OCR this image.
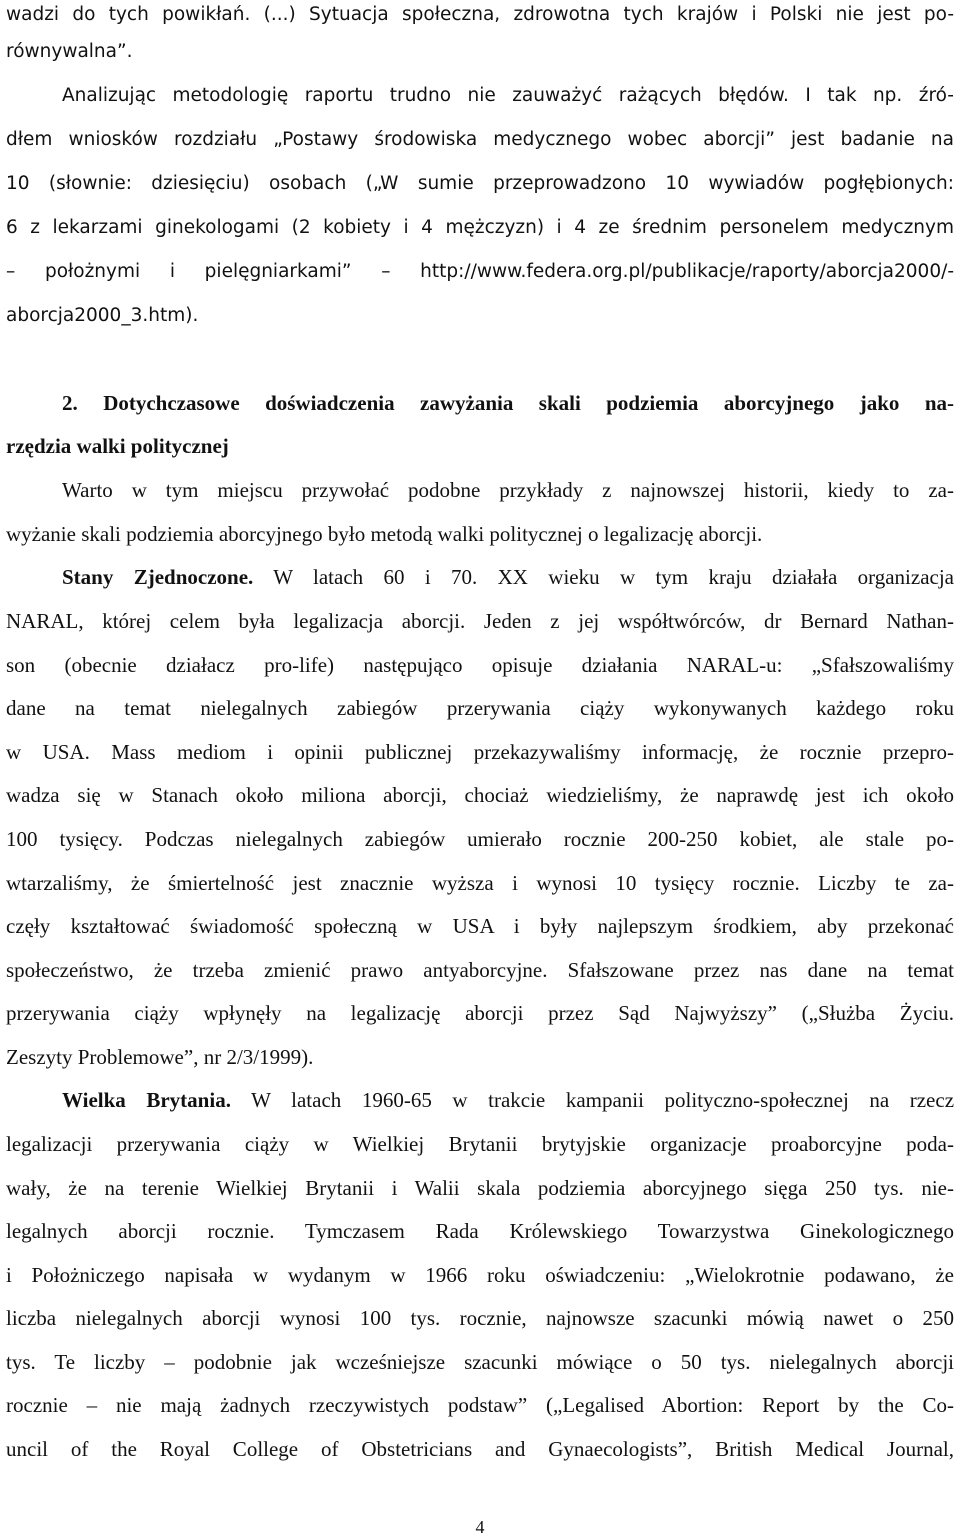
wadzi do tych powikłań. (...) Sytuacja społeczna, zdrowotna tych krajów i Polski nie jest po-

równywalna”.

Analizując metodologię raportu trudno nie zauważyć rażących błędów. I tak np. źró-

dłem wniosków rozdziału „Postawy środowiska medycznego wobec aborcji” jest badanie na

10 (słownie: dziesięciu) osobach („W sumie przeprowadzono 10 wywiadów pogłębionych:

6 z lekarzami ginekologami (2 kobiety i 4 mężczyzn) i 4 ze średnim personelem medycznym

– położnymi i pielęgniarkami” – http://www.federa.org.pl/publikacje/raporty/aborcja2000/-

aborcja2000_3.htm).

2. Dotychczasowe doświadczenia zawyżania skali podziemia aborcyjnego jako na-

rzędzia walki politycznej

Warto w tym miejscu przywołać podobne przykłady z najnowszej historii, kiedy to za-

wyżanie skali podziemia aborcyjnego było metodą walki politycznej o legalizację aborcji.

Stany Zjednoczone. W latach 60 i 70. XX wieku w tym kraju działała organizacja

NARAL, której celem była legalizacja aborcji. Jeden z jej współtwórców, dr Bernard Nathan-

son (obecnie działacz pro-life) następująco opisuje działania NARAL-u: „Sfałszowaliśmy

dane na temat nielegalnych zabiegów przerywania ciąży wykonywanych każdego roku

w USA. Mass mediom i opinii publicznej przekazywaliśmy informację, że rocznie przepro-

wadza się w Stanach około miliona aborcji, chociaż wiedzieliśmy, że naprawdę jest ich około

100 tysięcy. Podczas nielegalnych zabiegów umierało rocznie 200-250 kobiet, ale stale po-

wtarzaliśmy, że śmiertelność jest znacznie wyższa i wynosi 10 tysięcy rocznie. Liczby te za-

częły kształtować świadomość społeczną w USA i były najlepszym środkiem, aby przekonać

społeczeństwo, że trzeba zmienić prawo antyaborcyjne. Sfałszowane przez nas dane na temat

przerywania ciąży wpłynęły na legalizację aborcji przez Sąd Najwyższy” („Służba Życiu.

Zeszyty Problemowe”, nr 2/3/1999).

Wielka Brytania. W latach 1960-65 w trakcie kampanii polityczno-społecznej na rzecz

legalizacji przerywania ciąży w Wielkiej Brytanii brytyjskie organizacje proaborcyjne poda-

wały, że na terenie Wielkiej Brytanii i Walii skala podziemia aborcyjnego sięga 250 tys. nie-

legalnych aborcji rocznie. Tymczasem Rada Królewskiego Towarzystwa Ginekologicznego

i Położniczego napisała w wydanym w 1966 roku oświadczeniu: „Wielokrotnie podawano, że

liczba nielegalnych aborcji wynosi 100 tys. rocznie, najnowsze szacunki mówią nawet o 250

tys. Te liczby – podobnie jak wcześniejsze szacunki mówiące o 50 tys. nielegalnych aborcji

rocznie – nie mają żadnych rzeczywistych podstaw” („Legalised Abortion: Report by the Co-

uncil of the Royal College of Obstetricians and Gynaecologists”, British Medical Journal,

4
